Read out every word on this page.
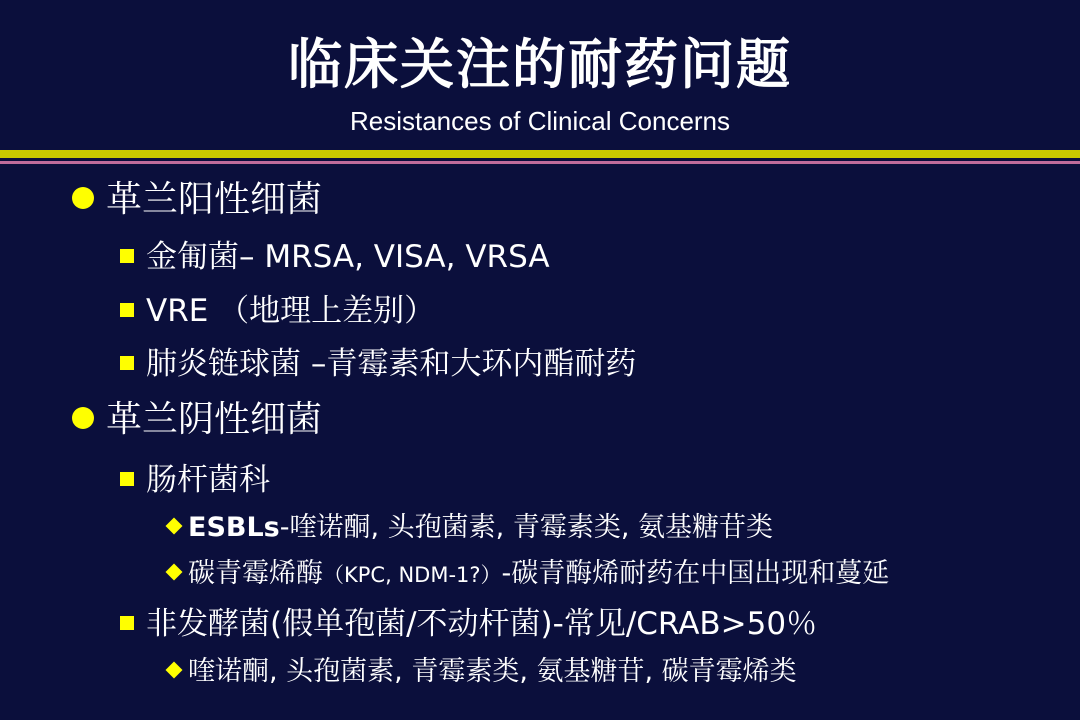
临床关注的耐药问题
Resistances of Clinical Concerns
革兰阳性细菌
金匍菌– MRSA, VISA, VRSA
VRE （地理上差别）
肺炎链球菌 –青霉素和大环内酯耐药
革兰阴性细菌
肠杆菌科
ESBLs-喹诺酮, 头孢菌素, 青霉素类, 氨基糖苷类
碳青霉烯酶（KPC, NDM-1?）-碳青酶烯耐药在中国出现和蔓延
非发酵菌(假单孢菌/不动杆菌)-常见/CRAB>50％
喹诺酮, 头孢菌素, 青霉素类, 氨基糖苷, 碳青霉烯类
